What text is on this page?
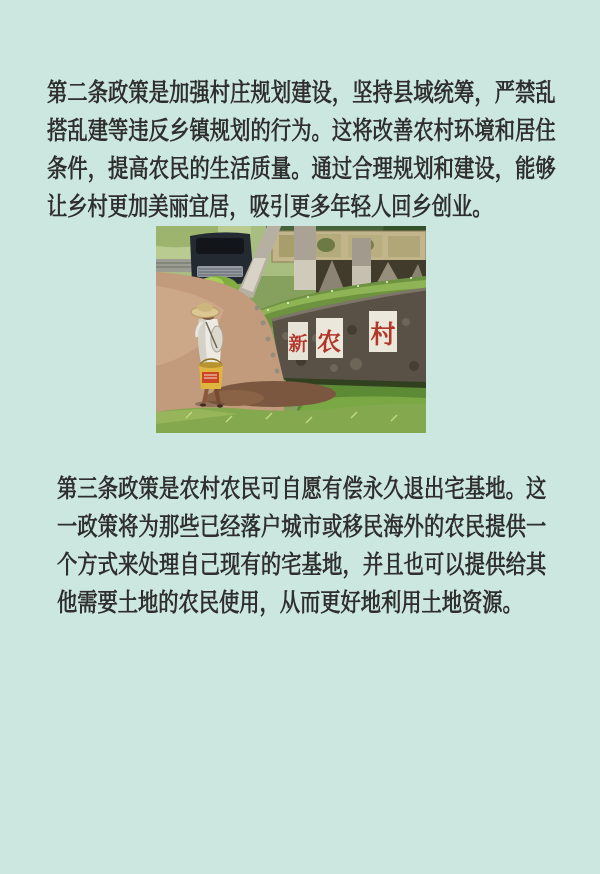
第二条政策是加强村庄规划建设，坚持县域统筹，严禁乱搭乱建等违反乡镇规划的行为。这将改善农村环境和居住条件，提高农民的生活质量。通过合理规划和建设，能够让乡村更加美丽宜居，吸引更多年轻人回乡创业。

新 农 村

第三条政策是农村农民可自愿有偿永久退出宅基地。这一政策将为那些已经落户城市或移民海外的农民提供一个方式来处理自己现有的宅基地，并且也可以提供给其他需要土地的农民使用，从而更好地利用土地资源。
